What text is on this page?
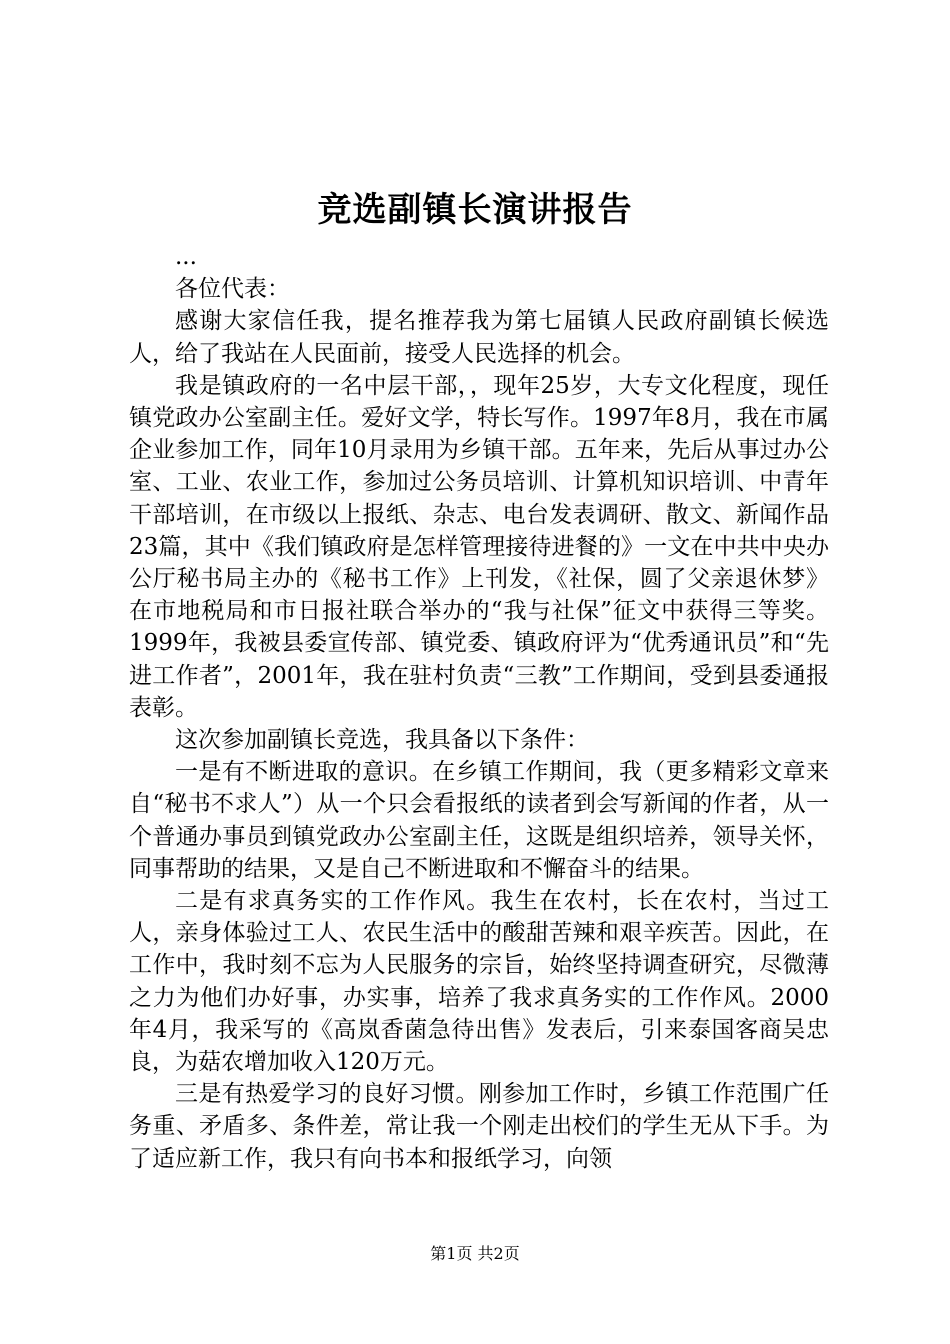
竞选副镇长演讲报告

...

各位代表：

感谢大家信任我，提名推荐我为第七届镇人民政府副镇长候选人，给了我站在人民面前，接受人民选择的机会。

我是镇政府的一名中层干部，，现年25岁，大专文化程度，现任镇党政办公室副主任。爱好文学，特长写作。1997年8月，我在市属企业参加工作，同年10月录用为乡镇干部。五年来，先后从事过办公室、工业、农业工作，参加过公务员培训、计算机知识培训、中青年干部培训，在市级以上报纸、杂志、电台发表调研、散文、新闻作品23篇，其中《我们镇政府是怎样管理接待进餐的》一文在中共中央办公厅秘书局主办的《秘书工作》上刊发，《社保，圆了父亲退休梦》在市地税局和市日报社联合举办的“我与社保”征文中获得三等奖。1999年，我被县委宣传部、镇党委、镇政府评为“优秀通讯员”和“先进工作者”，2001年，我在驻村负责“三教”工作期间，受到县委通报表彰。

这次参加副镇长竞选，我具备以下条件：

一是有不断进取的意识。在乡镇工作期间，我（更多精彩文章来自“秘书不求人”）从一个只会看报纸的读者到会写新闻的作者，从一个普通办事员到镇党政办公室副主任，这既是组织培养，领导关怀，同事帮助的结果，又是自己不断进取和不懈奋斗的结果。

二是有求真务实的工作作风。我生在农村，长在农村，当过工人，亲身体验过工人、农民生活中的酸甜苦辣和艰辛疾苦。因此，在工作中，我时刻不忘为人民服务的宗旨，始终坚持调查研究，尽微薄之力为他们办好事，办实事，培养了我求真务实的工作作风。2000年4月，我采写的《高岚香菌急待出售》发表后，引来泰国客商吴忠良，为菇农增加收入120万元。

三是有热爱学习的良好习惯。刚参加工作时，乡镇工作范围广任务重、矛盾多、条件差，常让我一个刚走出校们的学生无从下手。为了适应新工作，我只有向书本和报纸学习，向领

第1页 共2页
